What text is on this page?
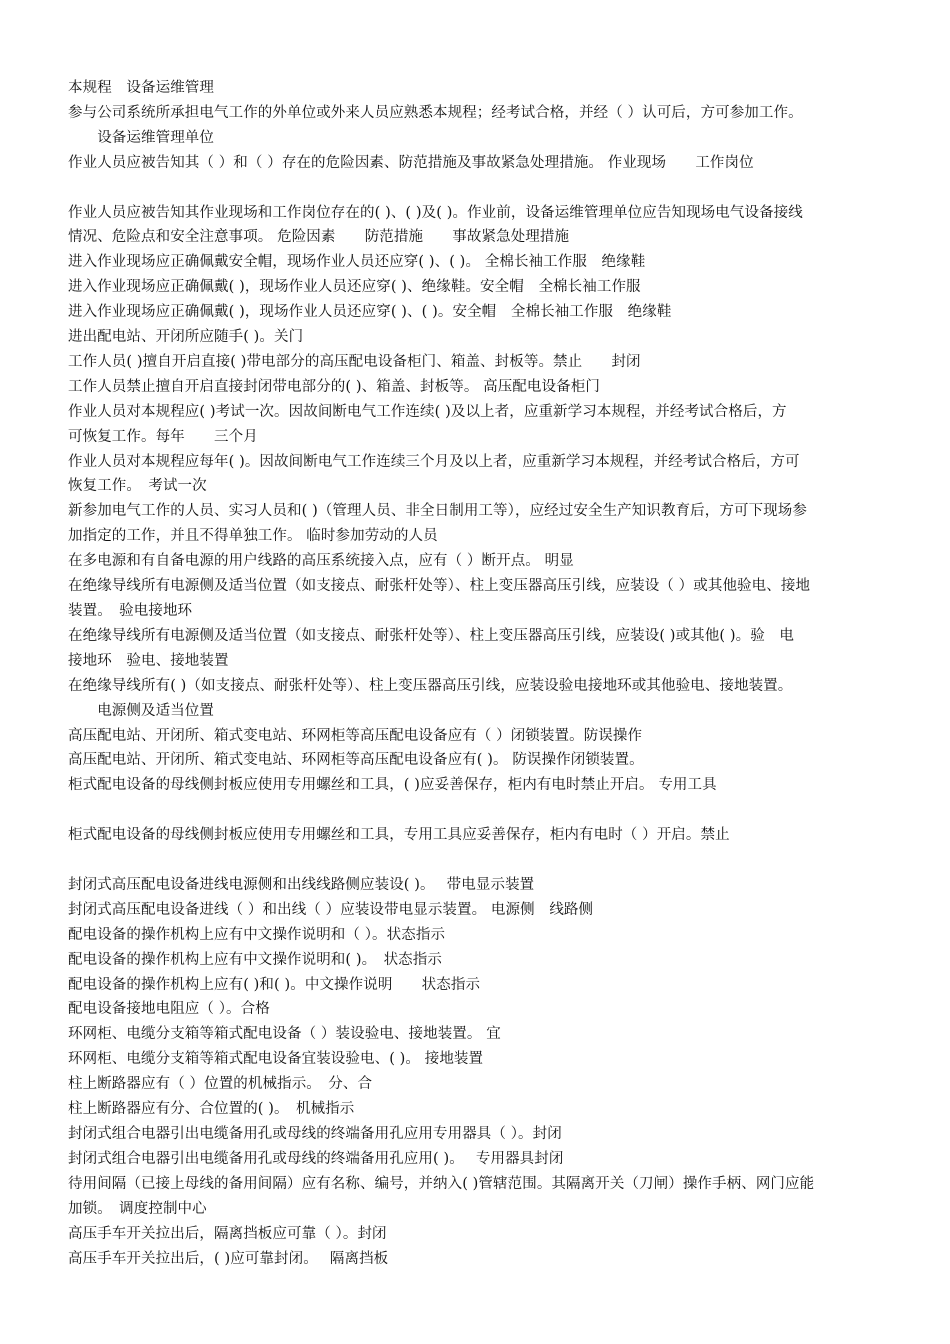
本规程　设备运维管理
参与公司系统所承担电气工作的外单位或外来人员应熟悉本规程；经考试合格，并经（ ）认可后，方可参加工作。
　　设备运维管理单位
作业人员应被告知其（ ）和（ ）存在的危险因素、防范措施及事故紧急处理措施。 作业现场　　工作岗位
作业人员应被告知其作业现场和工作岗位存在的( )、( )及( )。作业前，设备运维管理单位应告知现场电气设备接线
情况、危险点和安全注意事项。 危险因素　　防范措施　　事故紧急处理措施
进入作业现场应正确佩戴安全帽，现场作业人员还应穿( )、( )。 全棉长袖工作服　绝缘鞋
进入作业现场应正确佩戴( )，现场作业人员还应穿( )、绝缘鞋。安全帽　全棉长袖工作服
进入作业现场应正确佩戴( )，现场作业人员还应穿( )、( )。安全帽　全棉长袖工作服　绝缘鞋
进出配电站、开闭所应随手( )。关门
工作人员( )擅自开启直接( )带电部分的高压配电设备柜门、箱盖、封板等。禁止　　封闭
工作人员禁止擅自开启直接封闭带电部分的( )、箱盖、封板等。 高压配电设备柜门
作业人员对本规程应( )考试一次。因故间断电气工作连续( )及以上者，应重新学习本规程，并经考试合格后，方
可恢复工作。每年　　三个月
作业人员对本规程应每年( )。因故间断电气工作连续三个月及以上者，应重新学习本规程，并经考试合格后，方可
恢复工作。　考试一次
新参加电气工作的人员、实习人员和( )（管理人员、非全日制用工等），应经过安全生产知识教育后，方可下现场参
加指定的工作，并且不得单独工作。 临时参加劳动的人员
在多电源和有自备电源的用户线路的高压系统接入点，应有（ ）断开点。 明显
在绝缘导线所有电源侧及适当位置（如支接点、耐张杆处等）、柱上变压器高压引线，应装设（ ）或其他验电、接地
装置。　验电接地环
在绝缘导线所有电源侧及适当位置（如支接点、耐张杆处等）、柱上变压器高压引线，应装设( )或其他( )。验　电
接地环　验电、接地装置
在绝缘导线所有( )（如支接点、耐张杆处等）、柱上变压器高压引线，应装设验电接地环或其他验电、接地装置。
　　电源侧及适当位置
高压配电站、开闭所、箱式变电站、环网柜等高压配电设备应有（ ）闭锁装置。防误操作
高压配电站、开闭所、箱式变电站、环网柜等高压配电设备应有( )。 防误操作闭锁装置。
柜式配电设备的母线侧封板应使用专用螺丝和工具，( )应妥善保存，柜内有电时禁止开启。 专用工具
柜式配电设备的母线侧封板应使用专用螺丝和工具，专用工具应妥善保存，柜内有电时（ ）开启。禁止
封闭式高压配电设备进线电源侧和出线线路侧应装设( )。　 带电显示装置
封闭式高压配电设备进线（ ）和出线（ ）应装设带电显示装置。 电源侧　线路侧
配电设备的操作机构上应有中文操作说明和（ ）。状态指示
配电设备的操作机构上应有中文操作说明和( )。　状态指示
配电设备的操作机构上应有( )和( )。中文操作说明　　状态指示
配电设备接地电阻应（ ）。合格
环网柜、电缆分支箱等箱式配电设备（ ）装设验电、接地装置。 宜
环网柜、电缆分支箱等箱式配电设备宜装设验电、( )。 接地装置
柱上断路器应有（ ）位置的机械指示。　分、合
柱上断路器应有分、合位置的( )。　机械指示
封闭式组合电器引出电缆备用孔或母线的终端备用孔应用专用器具（ ）。封闭
封闭式组合电器引出电缆备用孔或母线的终端备用孔应用( )。　 专用器具封闭
待用间隔（已接上母线的备用间隔）应有名称、编号，并纳入( )管辖范围。其隔离开关（刀闸）操作手柄、网门应能
加锁。　调度控制中心
高压手车开关拉出后，隔离挡板应可靠（ ）。封闭
高压手车开关拉出后，( )应可靠封闭。　 隔离挡板
